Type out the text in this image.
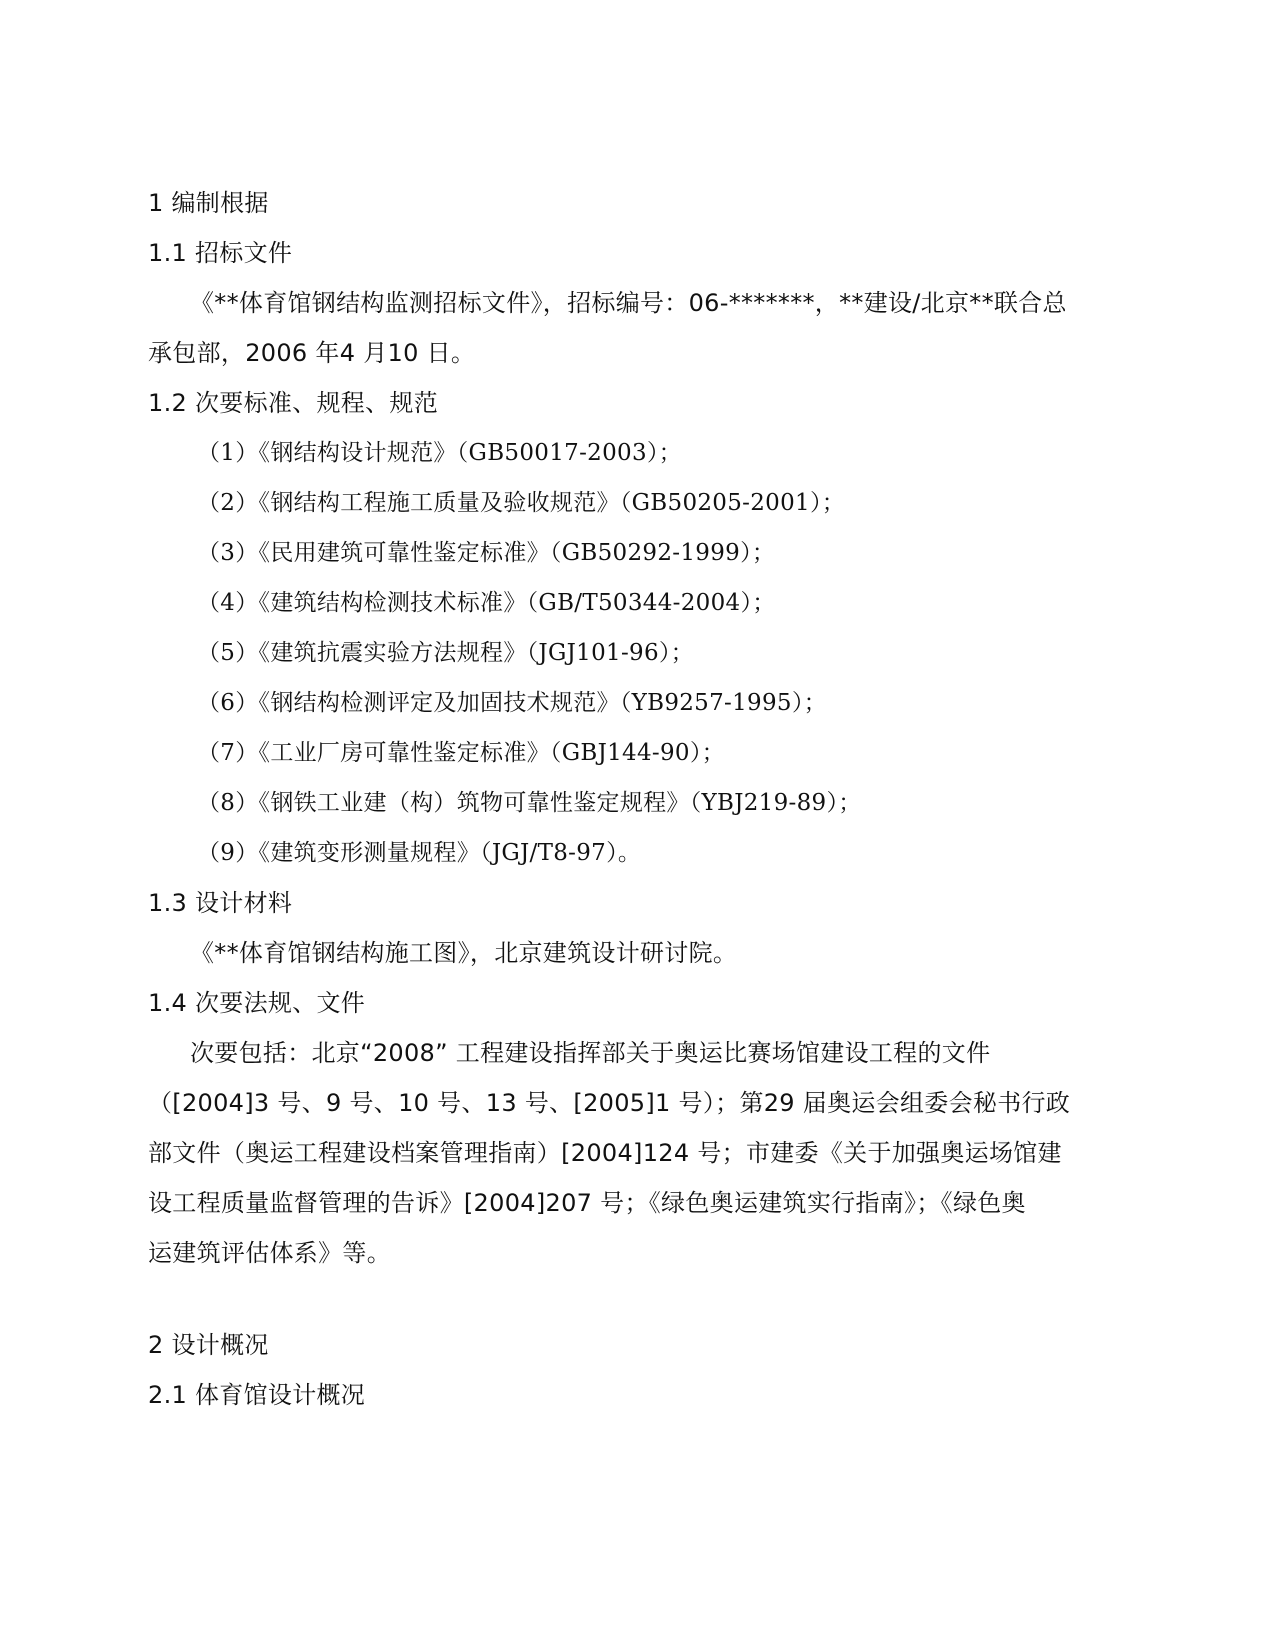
1 编制根据
1.1 招标文件
《**体育馆钢结构监测招标文件》，招标编号：06-*******，**建设/北京**联合总
承包部，2006 年4 月10 日。
1.2 次要标准、规程、规范
（1）《钢结构设计规范》（GB50017-2003）；
（2）《钢结构工程施工质量及验收规范》（GB50205-2001）；
（3）《民用建筑可靠性鉴定标准》（GB50292-1999）；
（4）《建筑结构检测技术标准》（GB/T50344-2004）；
（5）《建筑抗震实验方法规程》（JGJ101-96）；
（6）《钢结构检测评定及加固技术规范》（YB9257-1995）；
（7）《工业厂房可靠性鉴定标准》（GBJ144-90）；
（8）《钢铁工业建（构）筑物可靠性鉴定规程》（YBJ219-89）；
（9）《建筑变形测量规程》（JGJ/T8-97）。
1.3 设计材料
《**体育馆钢结构施工图》，北京建筑设计研讨院。
1.4 次要法规、文件
次要包括：北京“2008” 工程建设指挥部关于奥运比赛场馆建设工程的文件
（[2004]3 号、9 号、10 号、13 号、[2005]1 号）；第29 届奥运会组委会秘书行政
部文件（奥运工程建设档案管理指南）[2004]124 号；市建委《关于加强奥运场馆建
设工程质量监督管理的告诉》[2004]207 号；《绿色奥运建筑实行指南》；《绿色奥
运建筑评估体系》等。
2 设计概况
2.1 体育馆设计概况
